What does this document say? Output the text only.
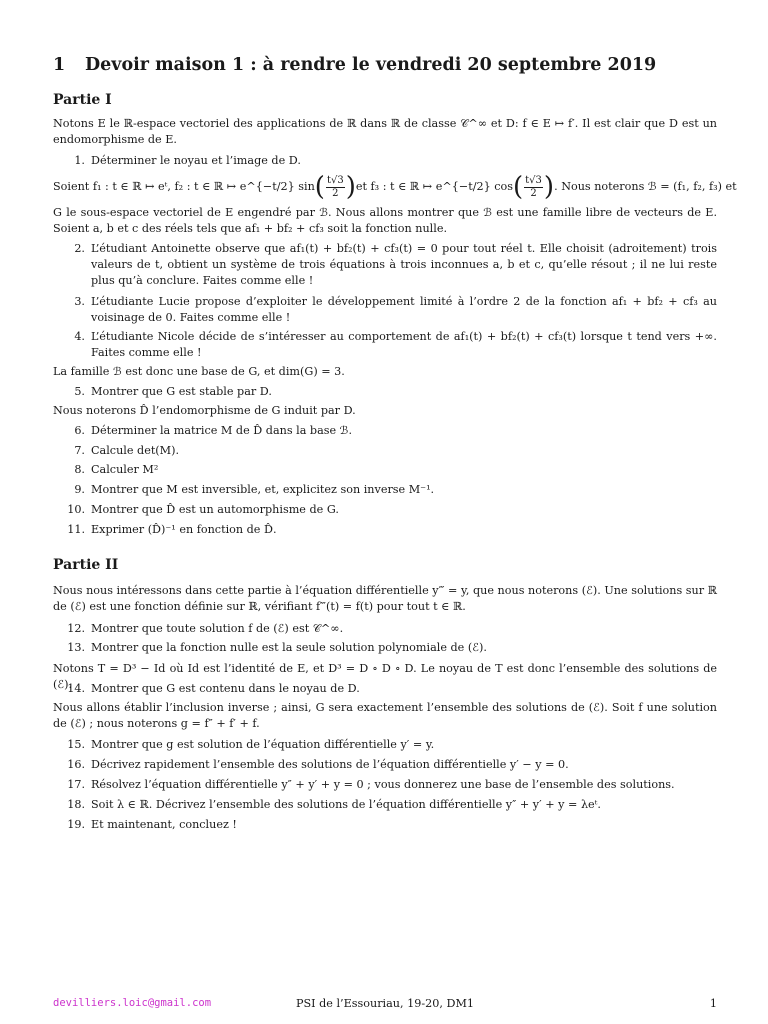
1 Devoir maison 1 : à rendre le vendredi 20 septembre 2019
Partie I

Notons E le ℝ-espace vectoriel des applications de ℝ dans ℝ de classe 𝒞^∞ et D: f ∈ E ↦ f′. Il est clair que D est un endomorphisme de E.

1. Déterminer le noyau et l’image de D.
Soient f₁ : t ∈ ℝ ↦ eᵗ, f₂ : t ∈ ℝ ↦ e^{−t/2} sin ( $\frac{t√3}{2}$ ) et f₃ : t ∈ ℝ ↦ e^{−t/2} cos ( $\frac{t√3}{2}$ ) . Nous noterons ℬ = (f₁, f₂, f₃) et

G le sous-espace vectoriel de E engendré par ℬ. Nous allons montrer que ℬ est une famille libre de vecteurs de E. Soient a, b et c des réels tels que af₁ + bf₂ + cf₃ soit la fonction nulle.

2. L’étudiant Antoinette observe que af₁(t) + bf₂(t) + cf₃(t) = 0 pour tout réel t. Elle choisit (adroitement) trois valeurs de t, obtient un système de trois équations à trois inconnues a, b et c, qu’elle résout ; il ne lui reste plus qu’à conclure. Faites comme elle !
3. L’étudiante Lucie propose d’exploiter le développement limité à l’ordre 2 de la fonction af₁ + bf₂ + cf₃ au voisinage de 0. Faites comme elle !
4. L’étudiante Nicole décide de s’intéresser au comportement de af₁(t) + bf₂(t) + cf₃(t) lorsque t tend vers +∞. Faites comme elle !

La famille ℬ est donc une base de G, et dim(G) = 3.

5. Montrer que G est stable par D.

Nous noterons D̂ l’endomorphisme de G induit par D.

6. Déterminer la matrice M de D̂ dans la base ℬ.
7. Calcule det(M).
8. Calculer M²
9. Montrer que M est inversible, et, explicitez son inverse M⁻¹.
10. Montrer que D̂ est un automorphisme de G.
11. Exprimer (D̂)⁻¹ en fonction de D̂.
Partie II

Nous nous intéressons dans cette partie à l’équation différentielle y‴ = y, que nous noterons (ℰ). Une solutions sur ℝ de (ℰ) est une fonction définie sur ℝ, vérifiant f‴(t) = f(t) pour tout t ∈ ℝ.

12. Montrer que toute solution f de (ℰ) est 𝒞^∞.
13. Montrer que la fonction nulle est la seule solution polynomiale de (ℰ).

Notons T = D³ − Id où Id est l’identité de E, et D³ = D ∘ D ∘ D. Le noyau de T est donc l’ensemble des solutions de (ℰ).

14. Montrer que G est contenu dans le noyau de D.

Nous allons établir l’inclusion inverse ; ainsi, G sera exactement l’ensemble des solutions de (ℰ). Soit f une solution de (ℰ) ; nous noterons g = f″ + f′ + f.

15. Montrer que g est solution de l’équation différentielle y′ = y.
16. Décrivez rapidement l’ensemble des solutions de l’équation différentielle y′ − y = 0.
17. Résolvez l’équation différentielle y″ + y′ + y = 0 ; vous donnerez une base de l’ensemble des solutions.
18. Soit λ ∈ ℝ. Décrivez l’ensemble des solutions de l’équation différentielle y″ + y′ + y = λeᵗ.
19. Et maintenant, concluez !
devilliers.loic@gmail.com	PSI de l’Essouriau, 19-20, DM1	1
